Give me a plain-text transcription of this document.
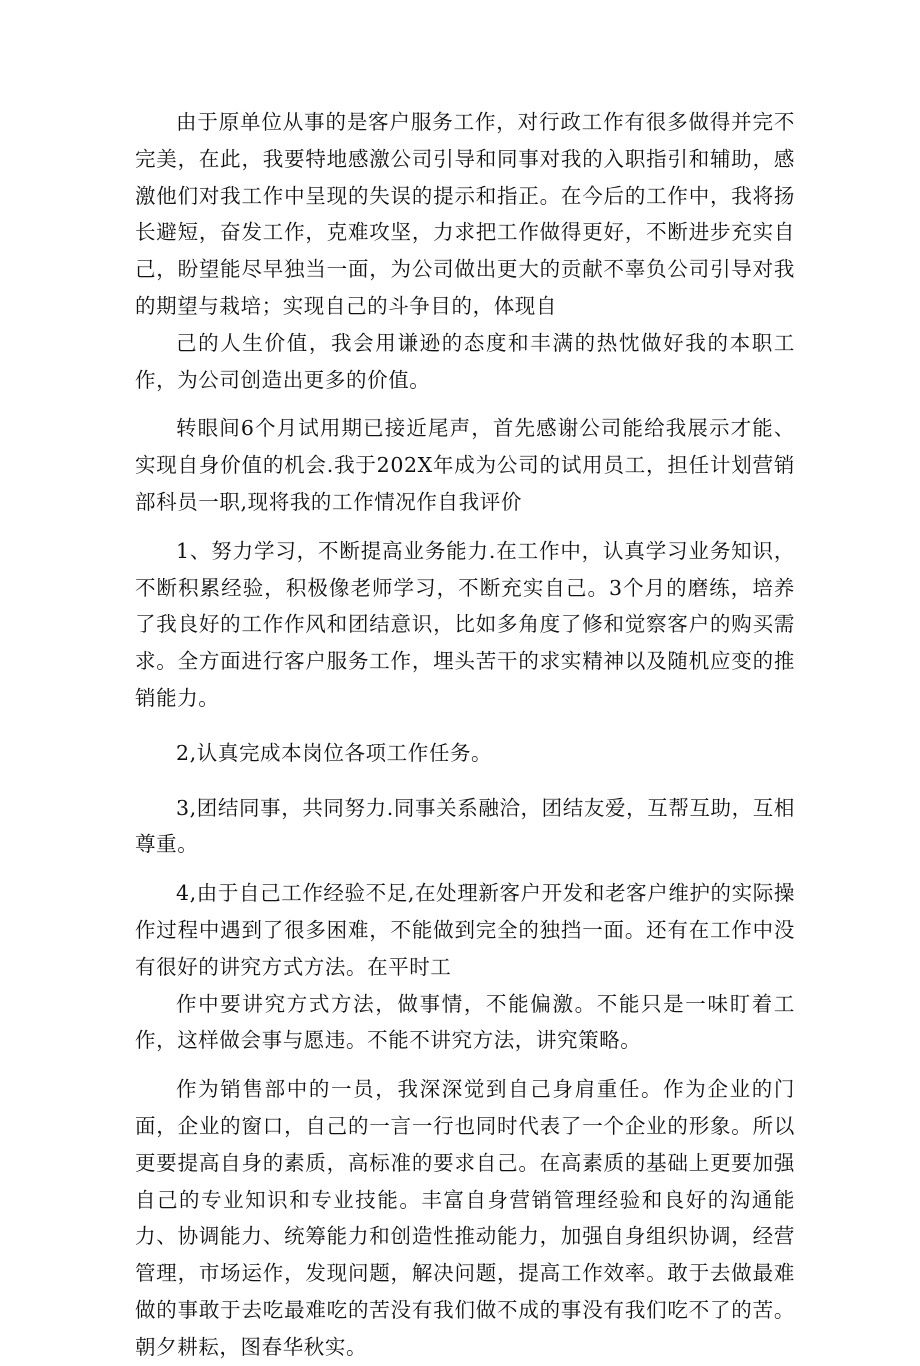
由于原单位从事的是客户服务工作，对行政工作有很多做得并完不完美，在此，我要特地感激公司引导和同事对我的入职指引和辅助，感激他们对我工作中呈现的失误的提示和指正。在今后的工作中，我将扬长避短，奋发工作，克难攻坚，力求把工作做得更好，不断进步充实自己，盼望能尽早独当一面，为公司做出更大的贡献不辜负公司引导对我的期望与栽培；实现自己的斗争目的，体现自

己的人生价值，我会用谦逊的态度和丰满的热忱做好我的本职工作，为公司创造出更多的价值。

转眼间6个月试用期已接近尾声，首先感谢公司能给我展示才能、实现自身价值的机会.我于202X年成为公司的试用员工，担任计划营销部科员一职,现将我的工作情况作自我评价

1、努力学习，不断提高业务能力.在工作中，认真学习业务知识，不断积累经验，积极像老师学习，不断充实自己。3个月的磨练，培养了我良好的工作作风和团结意识，比如多角度了修和觉察客户的购买需求。全方面进行客户服务工作，埋头苦干的求实精神以及随机应变的推销能力。

2,认真完成本岗位各项工作任务。

3,团结同事，共同努力.同事关系融洽，团结友爱，互帮互助，互相尊重。

4,由于自己工作经验不足,在处理新客户开发和老客户维护的实际操作过程中遇到了很多困难，不能做到完全的独挡一面。还有在工作中没有很好的讲究方式方法。在平时工

作中要讲究方式方法，做事情，不能偏激。不能只是一味盯着工作，这样做会事与愿违。不能不讲究方法，讲究策略。

作为销售部中的一员，我深深觉到自己身肩重任。作为企业的门面，企业的窗口，自己的一言一行也同时代表了一个企业的形象。所以更要提高自身的素质，高标准的要求自己。在高素质的基础上更要加强自己的专业知识和专业技能。丰富自身营销管理经验和良好的沟通能力、协调能力、统筹能力和创造性推动能力，加强自身组织协调，经营管理，市场运作，发现问题，解决问题，提高工作效率。敢于去做最难做的事敢于去吃最难吃的苦没有我们做不成的事没有我们吃不了的苦。朝夕耕耘，图春华秋实。
